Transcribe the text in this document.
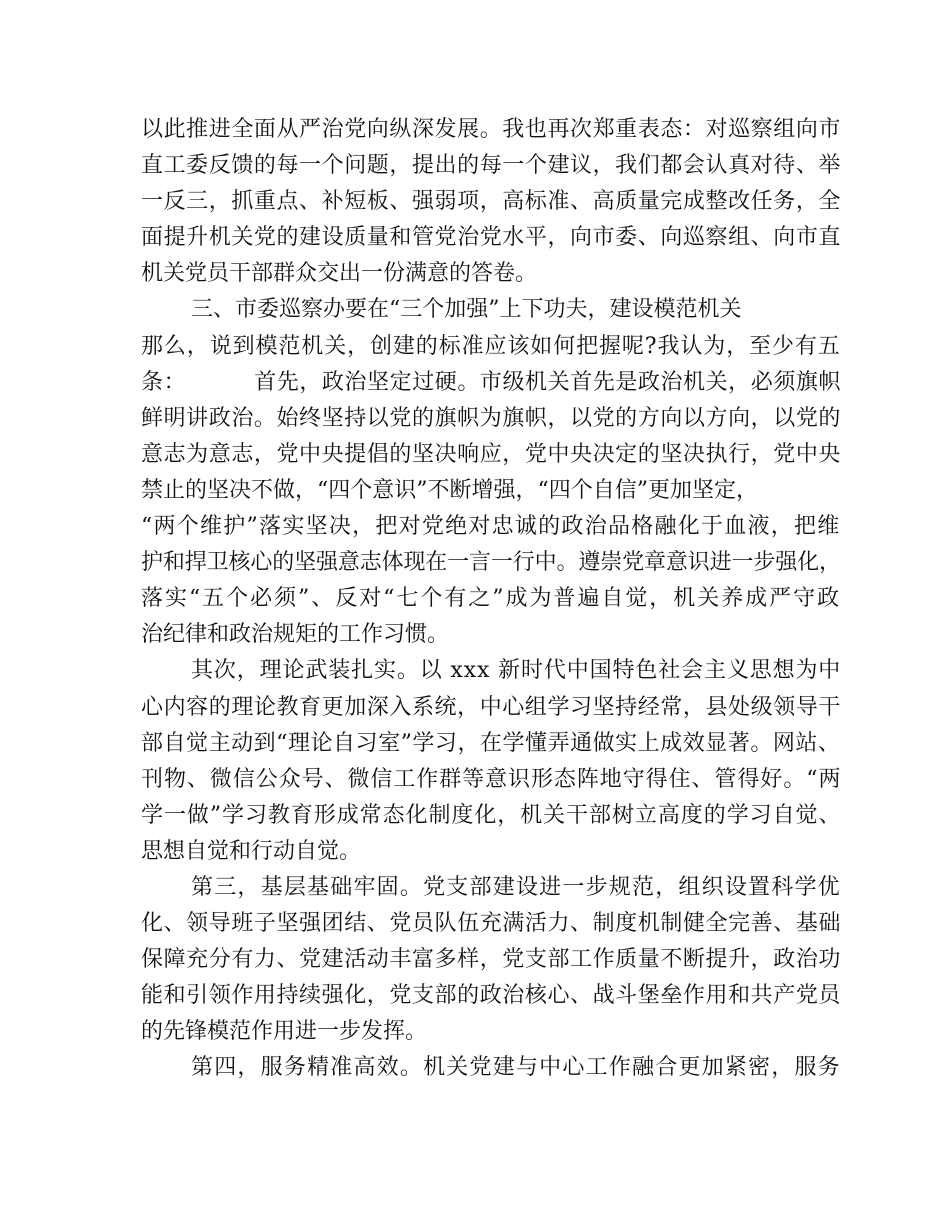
以此推进全面从严治党向纵深发展。我也再次郑重表态：对巡察组向市
直工委反馈的每一个问题，提出的每一个建议，我们都会认真对待、举
一反三，抓重点、补短板、强弱项，高标准、高质量完成整改任务，全
面提升机关党的建设质量和管党治党水平，向市委、向巡察组、向市直
机关党员干部群众交出一份满意的答卷。
三、市委巡察办要在“三个加强”上下功夫，建设模范机关
那么，说到模范机关，创建的标准应该如何把握呢?我认为，至少有五
条：         首先，政治坚定过硬。市级机关首先是政治机关，必须旗帜
鲜明讲政治。始终坚持以党的旗帜为旗帜，以党的方向以方向，以党的
意志为意志，党中央提倡的坚决响应，党中央决定的坚决执行，党中央
禁止的坚决不做，“四个意识”不断增强，“四个自信”更加坚定，
“两个维护”落实坚决，把对党绝对忠诚的政治品格融化于血液，把维
护和捍卫核心的坚强意志体现在一言一行中。遵崇党章意识进一步强化，
落实“五个必须”、反对“七个有之”成为普遍自觉，机关养成严守政
治纪律和政治规矩的工作习惯。
其次，理论武装扎实。以 xxx 新时代中国特色社会主义思想为中
心内容的理论教育更加深入系统，中心组学习坚持经常，县处级领导干
部自觉主动到“理论自习室”学习，在学懂弄通做实上成效显著。网站、
刊物、微信公众号、微信工作群等意识形态阵地守得住、管得好。“两
学一做”学习教育形成常态化制度化，机关干部树立高度的学习自觉、
思想自觉和行动自觉。
第三，基层基础牢固。党支部建设进一步规范，组织设置科学优
化、领导班子坚强团结、党员队伍充满活力、制度机制健全完善、基础
保障充分有力、党建活动丰富多样，党支部工作质量不断提升，政治功
能和引领作用持续强化，党支部的政治核心、战斗堡垒作用和共产党员
的先锋模范作用进一步发挥。
第四，服务精准高效。机关党建与中心工作融合更加紧密，服务
